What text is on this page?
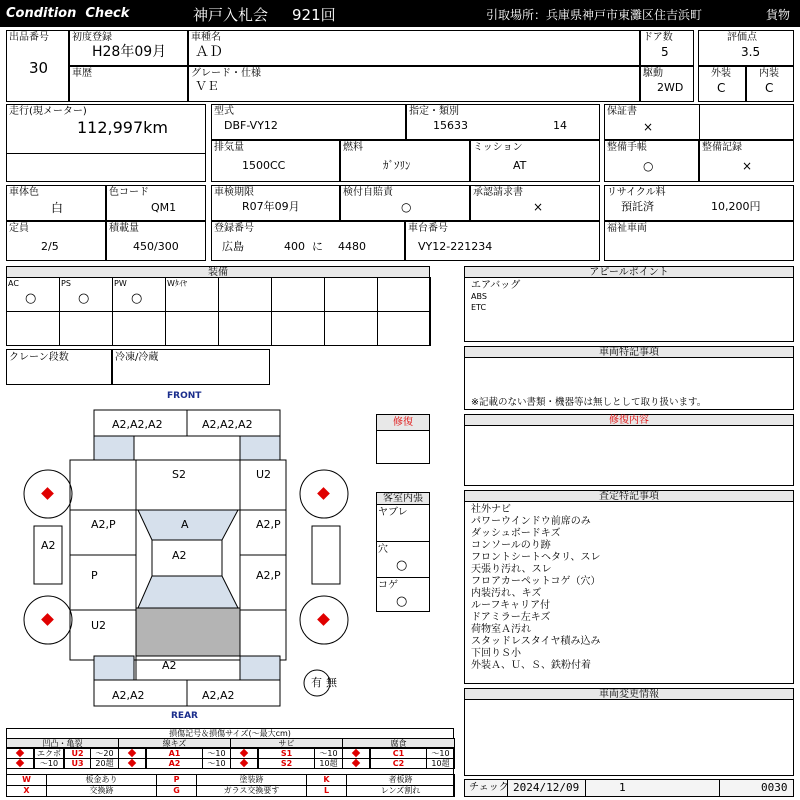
Condition  Check	神戸入札会 921回	引取場所：兵庫県神戸市東灘区住吉浜町	貨物
出品番号
30
初度登録
H28年09月
車歴
車種名
ＡＤ
グレード・仕様
ＶＥ
ドア数
5
駆動
2WD
評価点
3.5
外装
C
内装
C
走行(現メーター)
112,997km
型式
DBF-VY12
指定・類別
15633	14
排気量
1500CC
燃料
ｶﾞｿﾘﾝ
ミッション
AT
保証書
×
整備手帳
○
整備記録
×
車体色
白
色コード
QM1
車検期限
R07年09月
検付自賠責
○
承認請求書
×
リサイクル料
預託済	10,200円
定員
2/5
積載量
450/300
登録番号
広島	400 に 4480
車台番号
VY12-221234
福祉車両
装備
AC
○
PS
○
PW
○
Wﾀｲﾔ
クレーン段数	冷凍/冷蔵
FRONT
REAR
A2,A2,A2	A2,A2,A2
S2	U2
A
A2
A2,P	A2,P
P	A2,P
A2
U2
A2
A2,A2	A2,A2
有 無
修復
客室内張
ヤブレ
穴
○
コゲ
○
損傷記号＆損傷サイズ(～最大cm)
凹凸・亀裂	線キズ	サビ	腐食
エクボ	U2	～20	A1	～10	S1	～10	C1	～10
～10	U3	20超	A2	～10	S2	10超	C2	10超
W	板金あり	P	塗装跡	K	者板跡
X	交換跡	G	ガラス交換要す	L	レンズ割れ
アピールポイント
エアバッグ
ABS
ETC
車両特記事項
※記載のない書類・機器等は無しとして取り扱います。
修復内容
査定特記事項
社外ナビ
パワーウインドウ前席のみ
ダッシュボードキズ
コンソールのり跡
フロントシートヘタリ、スレ
天張り汚れ、スレ
フロアカーペットコゲ（穴）
内装汚れ、キズ
ルーフキャリア付
ドアミラー左キズ
荷物室Ａ汚れ
スタッドレスタイヤ積み込み
下回りＳ小
外装Ａ、Ｕ、Ｓ、鉄粉付着
車両変更情報
チェック 2024/12/09	1	0030
